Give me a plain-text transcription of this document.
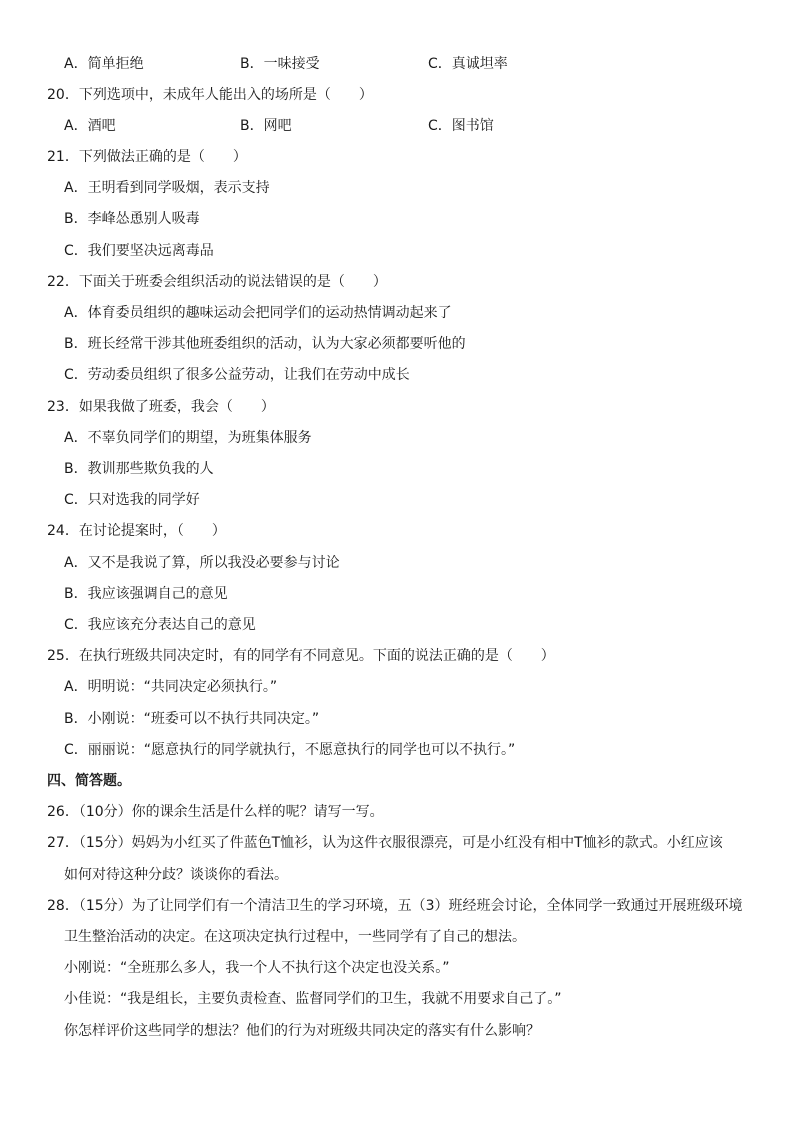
A．简单拒绝	B．一味接受	C．真诚坦率
20．下列选项中，未成年人能出入的场所是（　　）
A．酒吧	B．网吧	C．图书馆
21．下列做法正确的是（　　）
A．王明看到同学吸烟，表示支持
B．李峰怂恿别人吸毒
C．我们要坚决远离毒品
22．下面关于班委会组织活动的说法错误的是（　　）
A．体育委员组织的趣味运动会把同学们的运动热情调动起来了
B．班长经常干涉其他班委组织的活动，认为大家必须都要听他的
C．劳动委员组织了很多公益劳动，让我们在劳动中成长
23．如果我做了班委，我会（　　）
A．不辜负同学们的期望，为班集体服务
B．教训那些欺负我的人
C．只对选我的同学好
24．在讨论提案时，（　　）
A．又不是我说了算，所以我没必要参与讨论
B．我应该强调自己的意见
C．我应该充分表达自己的意见
25．在执行班级共同决定时，有的同学有不同意见。下面的说法正确的是（　　）
A．明明说：“共同决定必须执行。”
B．小刚说：“班委可以不执行共同决定。”
C．丽丽说：“愿意执行的同学就执行，不愿意执行的同学也可以不执行。”
四、简答题。
26．（10分）你的课余生活是什么样的呢？请写一写。
27．（15分）妈妈为小红买了件蓝色T恤衫，认为这件衣服很漂亮，可是小红没有相中T恤衫的款式。小红应该
如何对待这种分歧？谈谈你的看法。
28．（15分）为了让同学们有一个清洁卫生的学习环境，五（3）班经班会讨论，全体同学一致通过开展班级环境
卫生整治活动的决定。在这项决定执行过程中，一些同学有了自己的想法。
小刚说：“全班那么多人，我一个人不执行这个决定也没关系。”
小佳说：“我是组长，主要负责检查、监督同学们的卫生，我就不用要求自己了。”
你怎样评价这些同学的想法？他们的行为对班级共同决定的落实有什么影响？
